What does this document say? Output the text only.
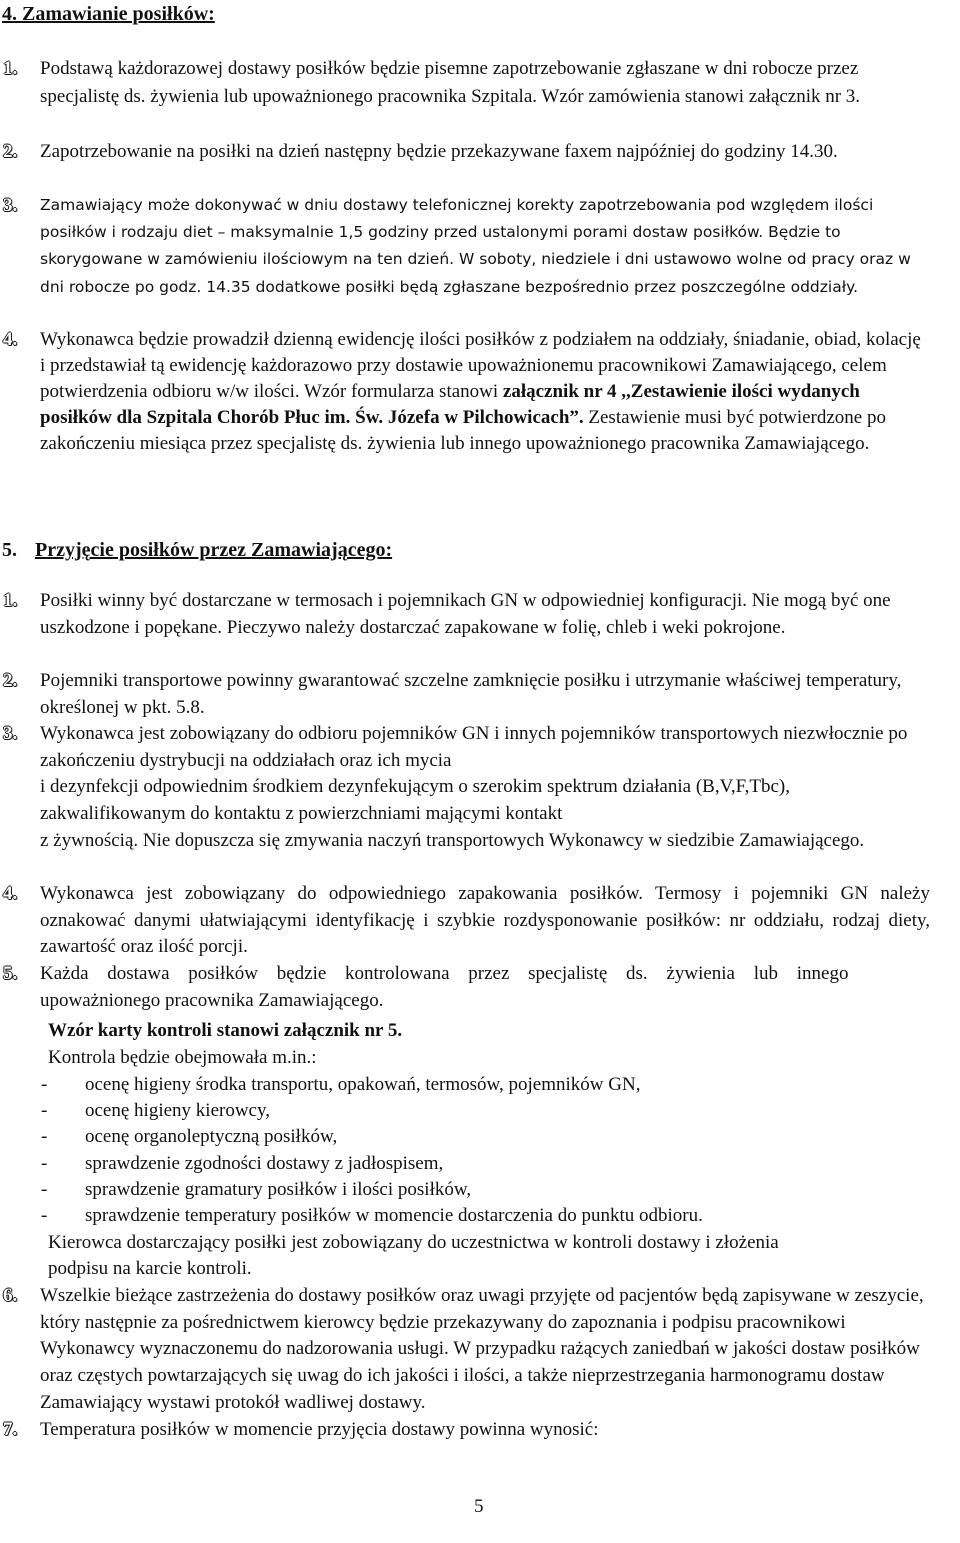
4. Zamawianie posiłków:
1. Podstawą każdorazowej dostawy posiłków będzie pisemne zapotrzebowanie zgłaszane w dni robocze przez specjalistę ds. żywienia lub upoważnionego pracownika Szpitala. Wzór zamówienia stanowi załącznik nr 3.

2. Zapotrzebowanie na posiłki na dzień następny będzie przekazywane faxem najpóźniej do godziny 14.30.

3. Zamawiający może dokonywać w dniu dostawy telefonicznej korekty zapotrzebowania pod względem ilości posiłków i rodzaju diet – maksymalnie 1,5 godziny przed ustalonymi porami dostaw posiłków. Będzie to skorygowane w zamówieniu ilościowym na ten dzień. W soboty, niedziele i dni ustawowo wolne od pracy oraz w dni robocze po godz. 14.35 dodatkowe posiłki będą zgłaszane bezpośrednio przez poszczególne oddziały.

4. Wykonawca będzie prowadził dzienną ewidencję ilości posiłków z podziałem na oddziały, śniadanie, obiad, kolację i przedstawiał tą ewidencję każdorazowo przy dostawie upoważnionemu pracownikowi Zamawiającego, celem potwierdzenia odbioru w/w ilości. Wzór formularza stanowi załącznik nr 4 ,,Zestawienie ilości wydanych posiłków dla Szpitala Chorób Płuc im. Św. Józefa w Pilchowicach”. Zestawienie musi być potwierdzone po zakończeniu miesiąca przez specjalistę ds. żywienia lub innego upoważnionego pracownika Zamawiającego.

5. Przyjęcie posiłków przez Zamawiającego:
1. Posiłki winny być dostarczane w termosach i pojemnikach GN w odpowiedniej konfiguracji. Nie mogą być one uszkodzone i popękane. Pieczywo należy dostarczać zapakowane w folię, chleb i weki pokrojone.

2. Pojemniki transportowe powinny gwarantować szczelne zamknięcie posiłku i utrzymanie właściwej temperatury, określonej w pkt. 5.8.

3. Wykonawca jest zobowiązany do odbioru pojemników GN i innych pojemników transportowych niezwłocznie po zakończeniu dystrybucji na oddziałach oraz ich mycia

i dezynfekcji odpowiednim środkiem dezynfekującym o szerokim spektrum działania (B,V,F,Tbc), zakwalifikowanym do kontaktu z powierzchniami mającymi kontakt

z żywnością. Nie dopuszcza się zmywania naczyń transportowych Wykonawcy w siedzibie Zamawiającego.

4. Wykonawca jest zobowiązany do odpowiedniego zapakowania posiłków. Termosy i pojemniki GN należy oznakować danymi ułatwiającymi identyfikację i szybkie rozdysponowanie posiłków: nr oddziału, rodzaj diety, zawartość oraz ilość porcji.

5. Każda dostawa posiłków będzie kontrolowana przez specjalistę ds. żywienia lub innego

upoważnionego pracownika Zamawiającego.

Wzór karty kontroli stanowi załącznik nr 5.

Kontrola będzie obejmowała m.in.:

- ocenę higieny środka transportu, opakowań, termosów, pojemników GN,
- ocenę higieny kierowcy,
- ocenę organoleptyczną posiłków,
- sprawdzenie zgodności dostawy z jadłospisem,
- sprawdzenie gramatury posiłków i ilości posiłków,
- sprawdzenie temperatury posiłków w momencie dostarczenia do punktu odbioru.

Kierowca dostarczający posiłki jest zobowiązany do uczestnictwa w kontroli dostawy i złożenia
podpisu na karcie kontroli.

6. Wszelkie bieżące zastrzeżenia do dostawy posiłków oraz uwagi przyjęte od pacjentów będą zapisywane w zeszycie, który następnie za pośrednictwem kierowcy będzie przekazywany do zapoznania i podpisu pracownikowi Wykonawcy wyznaczonemu do nadzorowania usługi. W przypadku rażących zaniedbań w jakości dostaw posiłków oraz częstych powtarzających się uwag do ich jakości i ilości, a także nieprzestrzegania harmonogramu dostaw Zamawiający wystawi protokół wadliwej dostawy.

7. Temperatura posiłków w momencie przyjęcia dostawy powinna wynosić:

5
